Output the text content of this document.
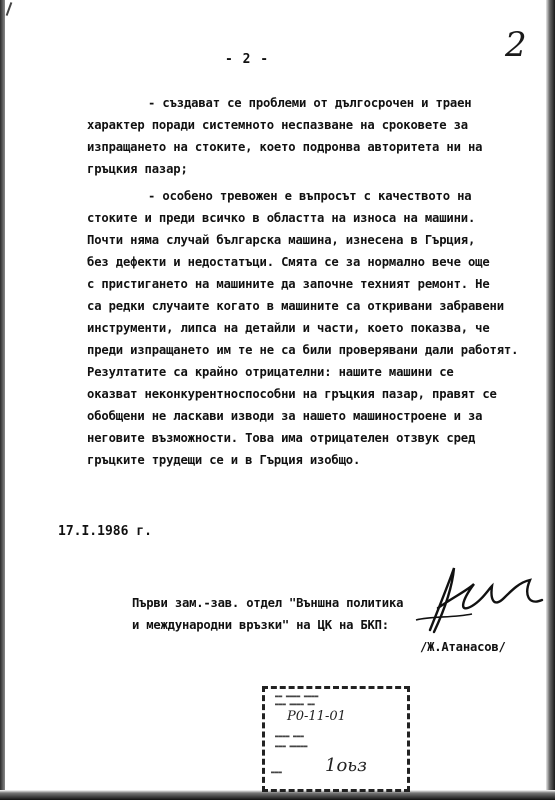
- 2 -	2
- създават се проблеми от дългосрочен и траен
характер поради системното неспазване на сроковете за
изпращането на стоките, което подронва авторитета ни на
гръцкия пазар;
- особено тревожен е въпросът с качеството на
стоките и преди всичко в областта на износа на машини.
Почти няма случай българска машина, изнесена в Гърция,
без дефекти и недостатъци. Смята се за нормално вече още
с пристигането на машините да започне техният ремонт. Не
са редки случаите когато в машините са откривани забравени
инструменти, липса на детайли и части, което показва, че
преди изпращането им те не са били проверявани дали работят.
Резултатите са крайно отрицателни: нашите машини се
оказват неконкурентноспособни на гръцкия пазар, правят се
обобщени не ласкави изводи за нашето машиностроене и за
неговите възможности. Това има отрицателен отзвук сред
гръцките трудещи се и в Гърция изобщо.
17.I.1986 г.
Първи зам.-зав. отдел "Външна политика
и международни връзки" на ЦК на БКП:
/Ж.Атанасов/
▬▬ ▬▬▬▬ ▬▬▬▬
▬▬▬ ▬▬▬▬ ▬▬
Р0-11-01
▬▬▬▬ ▬▬▬
▬▬▬ ▬▬▬▬▬
1оьз
▬▬▬
